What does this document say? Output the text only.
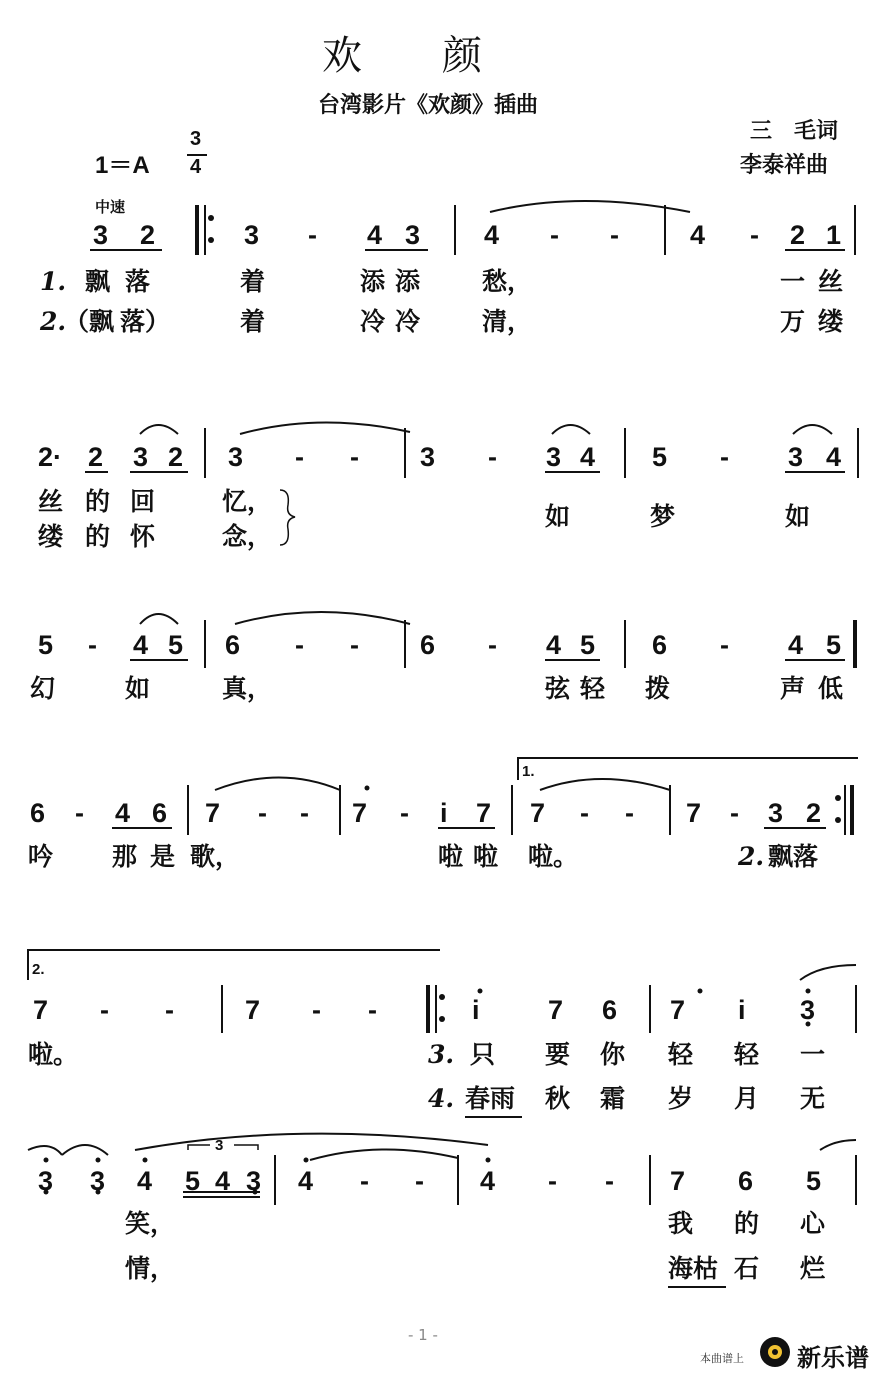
欢　　颜
台湾影片《欢颜》插曲
三　毛词
李泰祥曲
1＝A
3
4
中速
3 2	3 - 4 3 4 - -	4 - 2 1
1. 飘 落	着	添 添 愁，	一 丝
2.
（飘 落）	着	冷 冷 清，	万 缕
2· 2 3 2 3 - - 3 - 3 4 5 - 3 4
丝 的 回	忆，
如	梦	如
缕 的 怀	念，
5 - 4 5 6 - - 6 - 4 5 6 - 4 5
幻	如	真，	弦 轻 拨	声 低
6 - 4 6 7 - - 7 - i 7 7 - - 7 - 3 2
1.
吟 那 是 歌，	啦 啦 啦。	2. 飘落
2.
7 - -	7 - -	i	7 6 7 i 3
啦。	3. 只 要 你 轻 轻 一
4. 春雨 秋 霜 岁 月 无
3
3 3 4 5 4 3 4 - - 4 - - 7 6 5
笑，	我 的 心
情，	海枯 石 烂
- 1 -
本曲谱上 新乐谱
